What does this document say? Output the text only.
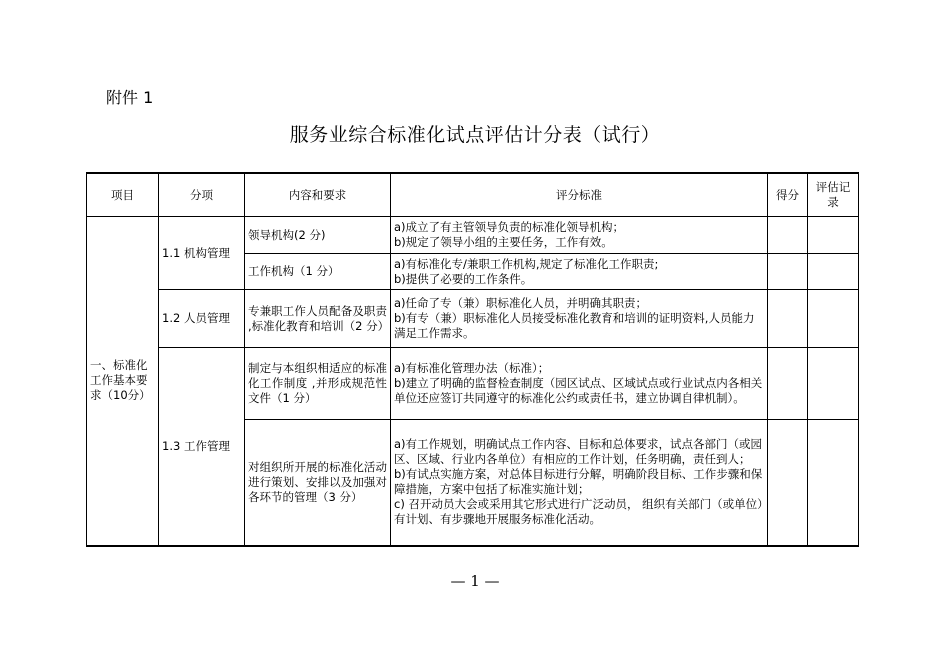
附件 1
服务业综合标准化试点评估计分表（试行）
项目	分项	内容和要求	评分标准	得分	评估记录
一、标准化工作基本要求（10分）	1.1 机构管理	领导机构(2 分)	a)成立了有主管领导负责的标准化领导机构；
b)规定了领导小组的主要任务，工作有效。		

		工作机构（1 分）	a)有标准化专/兼职工作机构,规定了标准化工作职责;
b)提供了必要的工作条件。		

	1.2 人员管理	专兼职工作人员配备及职责 ,标准化教育和培训（2 分）	a)任命了专（兼）职标准化人员，并明确其职责；
b)有专（兼）职标准化人员接受标准化教育和培训的证明资料,人员能力满足工作需求。		

	1.3 工作管理	制定与本组织相适应的标准化工作制度 ,并形成规范性文件（1 分）	a)有标准化管理办法（标准）；
b)建立了明确的监督检查制度（园区试点、区域试点或行业试点内各相关单位还应签订共同遵守的标准化公约或责任书，建立协调自律机制）。		

		对组织所开展的标准化活动进行策划、安排以及加强对各环节的管理（3 分）	a)有工作规划，明确试点工作内容、目标和总体要求，试点各部门（或园区、区域、行业内各单位）有相应的工作计划，任务明确，责任到人；
b)有试点实施方案，对总体目标进行分解，明确阶段目标、工作步骤和保障措施，方案中包括了标准实施计划；
c) 召开动员大会或采用其它形式进行广泛动员， 组织有关部门（或单位）有计划、有步骤地开展服务标准化活动。		

— 1 —
